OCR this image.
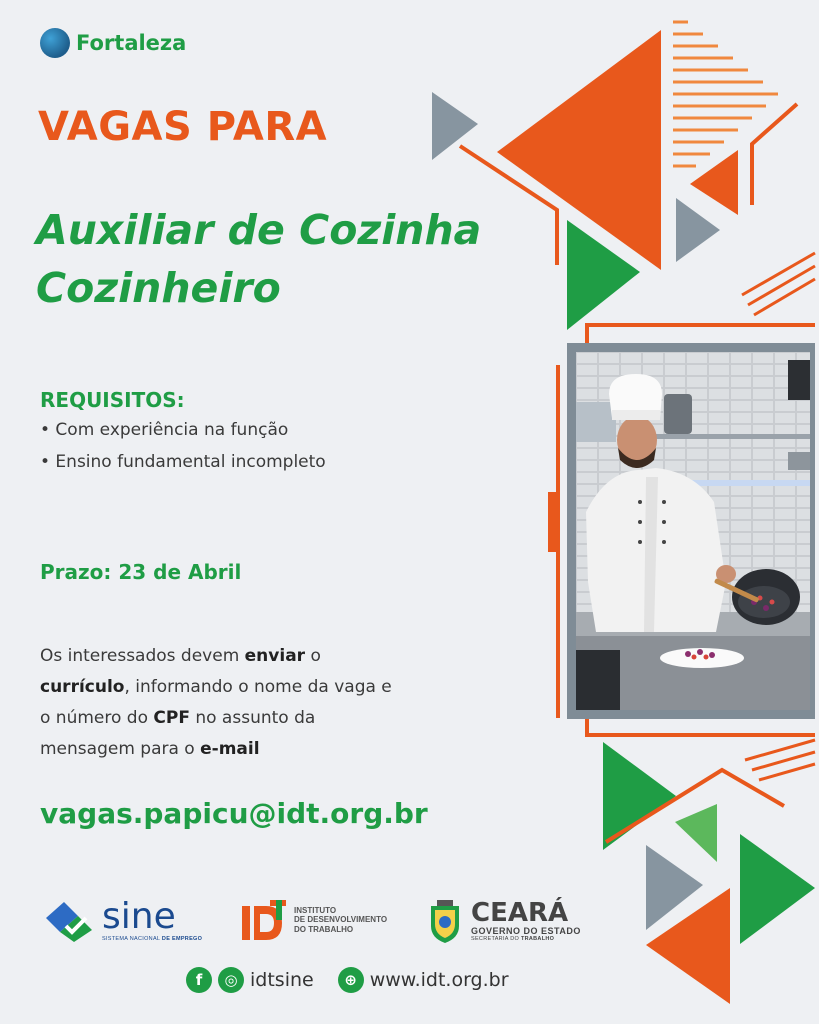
Fortaleza
VAGAS PARA
Auxiliar de Cozinha
Cozinheiro
REQUISITOS:
• Com experiência na função
• Ensino fundamental incompleto
Prazo: 23 de Abril
Os interessados devem enviar o currículo, informando o nome da vaga e o número do CPF no assunto da mensagem para o e-mail
vagas.papicu@idt.org.br
sine
SISTEMA NACIONAL DE EMPREGO
INSTITUTO
DE DESENVOLVIMENTO
DO TRABALHO
CEARÁ
GOVERNO DO ESTADO
SECRETARIA DO TRABALHO
f	◎ idtsine	⊕ www.idt.org.br
